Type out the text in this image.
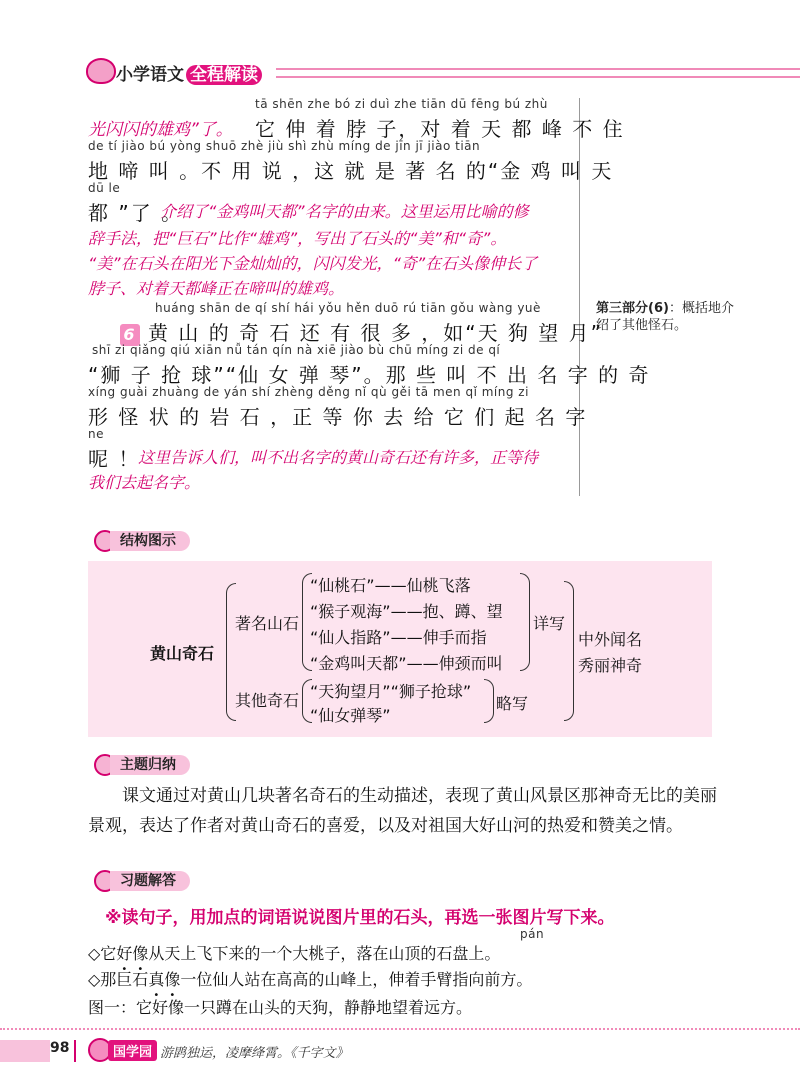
小学语文 全程解读
tā shēn zhe bó zi duì zhe tiān dū fēng bú zhù
光闪闪的雄鸡”了。 它 伸 着 脖 子，对 着 天 都 峰 不 住
de tí jiào bú yòng shuō zhè jiù shì zhù míng de jīn jī jiào tiān
地 啼 叫 。不 用 说 ，这 就 是 著 名 的“金 鸡 叫 天
dū le
都 ”了 。
介绍了“金鸡叫天都”名字的由来。这里运用比喻的修
辞手法，把“巨石”比作“雄鸡”，写出了石头的“美”和“奇”。
“美”在石头在阳光下金灿灿的，闪闪发光，“奇”在石头像伸长了
脖子、对着天都峰正在啼叫的雄鸡。
huáng shān de qí shí hái yǒu hěn duō rú tiān gǒu wàng yuè
6 黄 山 的 奇 石 还 有 很 多 ，如“天 狗 望 月”
shī zi qiǎng qiú xiān nǚ tán qín nà xiē jiào bù chū míng zi de qí
“狮 子 抢 球”“仙 女 弹 琴”。那 些 叫 不 出 名 字 的 奇
xíng guài zhuàng de yán shí zhèng děng nǐ qù gěi tā men qǐ míng zi
形 怪 状 的 岩 石 ，正 等 你 去 给 它 们 起 名 字
ne
呢 ！
这里告诉人们，叫不出名字的黄山奇石还有许多，正等待
我们去起名字。
第三部分(6)：概括地介绍了其他怪石。
结构图示
黄山奇石
著名山石
其他奇石
“仙桃石”——仙桃飞落
“猴子观海”——抱、蹲、望
“仙人指路”——伸手而指
“金鸡叫天都”——伸颈而叫
详写
“天狗望月”“狮子抢球”
“仙女弹琴”
略写
中外闻名
秀丽神奇
主题归纳
课文通过对黄山几块著名奇石的生动描述，表现了黄山风景区那神奇无比的美丽景观，表达了作者对黄山奇石的喜爱，以及对祖国大好山河的热爱和赞美之情。
习题解答
※读句子，用加点的词语说说图片里的石头，再选一张图片写下来。
pán
◇它好像从天上飞下来的一个大桃子，落在山顶的石盘上。
◇那巨石真像一位仙人站在高高的山峰上，伸着手臂指向前方。
图一：它好像一只蹲在山头的天狗，静静地望着远方。
98	国学园 游鹍独运，凌摩绛霄。《千字文》
